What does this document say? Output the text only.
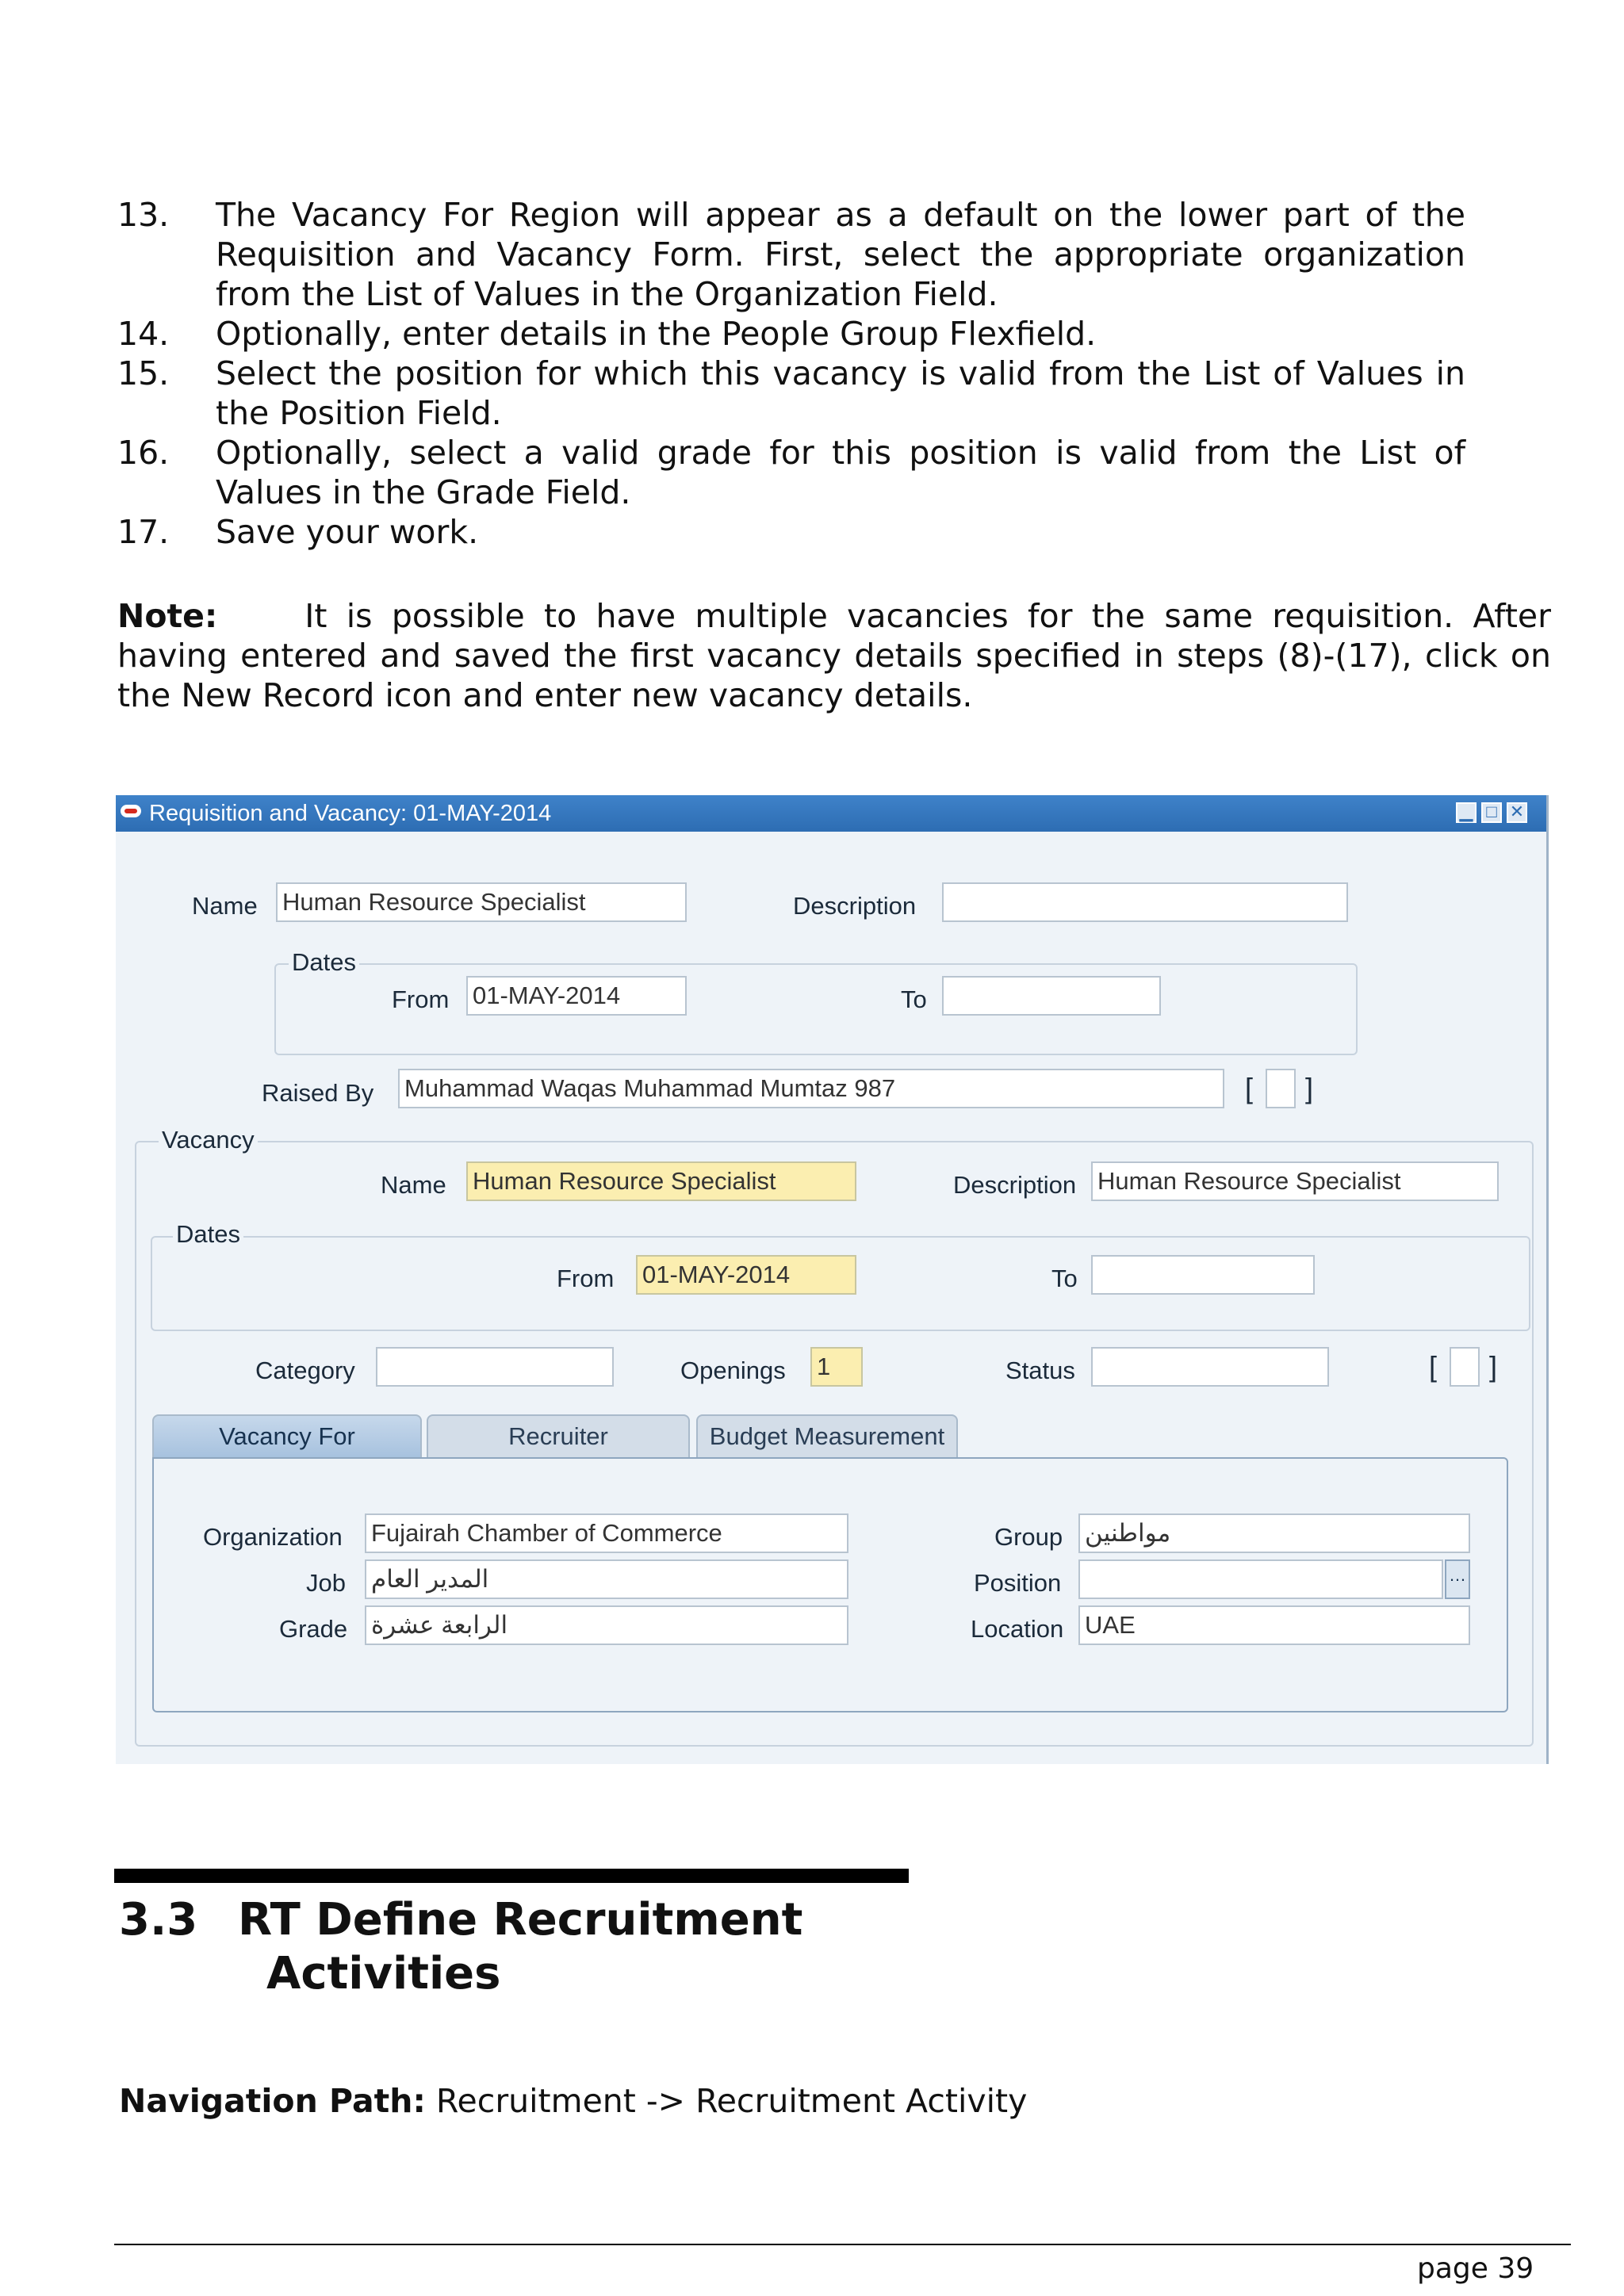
13. The Vacancy For Region will appear as a default on the lower part of the Requisition and Vacancy Form. First, select the appropriate organization from the List of Values in the Organization Field.
14. Optionally, enter details in the People Group Flexfield.
15. Select the position for which this vacancy is valid from the List of Values in the Position Field.
16. Optionally, select a valid grade for this position is valid from the List of Values in the Grade Field.
17. Save your work.
Note:	It is possible to have multiple vacancies for the same requisition. After having entered and saved the first vacancy details specified in steps (8)-(17), click on the New Record icon and enter new vacancy details.
Requisition and Vacancy: 01-MAY-2014	▁ □ ✕
Name Human Resource Specialist	Description
Dates
From 01-MAY-2014	To
Raised By Muhammad Waqas Muhammad Mumtaz 987	[ ]
Vacancy
Name Human Resource Specialist	Description Human Resource Specialist
Dates
From 01-MAY-2014	To
Category	Openings 1	Status	[ ]
Vacancy For	Recruiter	Budget Measurement
Organization Fujairah Chamber of Commerce
Job المدير العام
Grade الرابعة عشرة
Group مواطنين
Position	…
Location UAE
3.3 RT Define Recruitment
Activities
Navigation Path: Recruitment -> Recruitment Activity
page 39
